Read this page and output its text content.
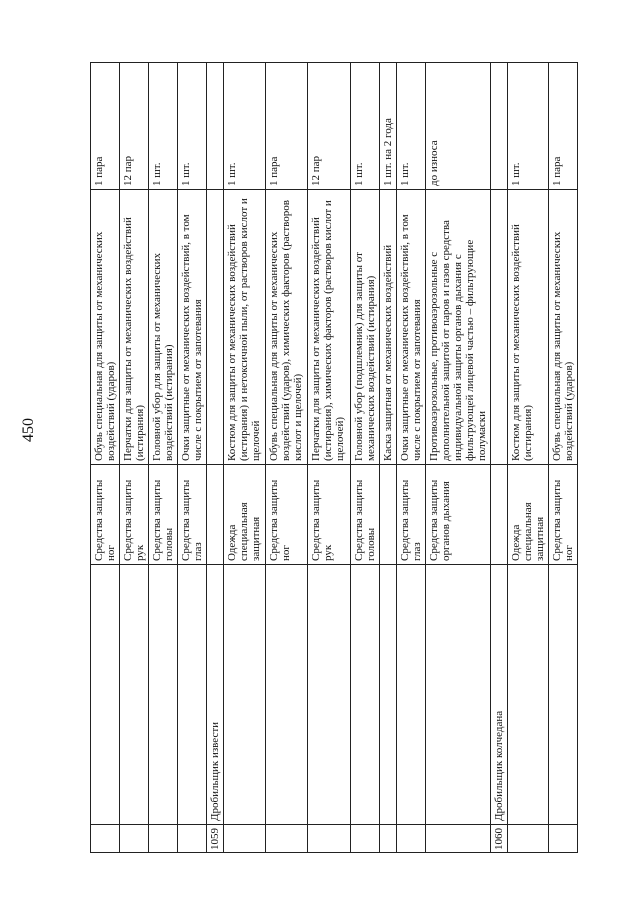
450
		Средства защиты ног	Обувь специальная для защиты от механических воздействий (ударов)	1 пара
		Средства защиты рук	Перчатки для защиты от механических воздействий (истирания)	12 пар
		Средства защиты головы	Головной убор для защиты от механических воздействий (истирания)	1 шт.
		Средства защиты глаз	Очки защитные от механических воздействий, в том числе с покрытием от запотевания	1 шт.
1059	Дробильщик извести			
		Одежда специальная защитная	Костюм для защиты от механических воздействий (истирания) и нетоксичной пыли, от растворов кислот и щелочей	1 шт.
		Средства защиты ног	Обувь специальная для защиты от механических воздействий (ударов), химических факторов (растворов кислот и щелочей)	1 пара
		Средства защиты рук	Перчатки для защиты от механических воздействий (истирания), химических факторов (растворов кислот и щелочей)	12 пар
		Средства защиты головы	Головной убор (подшлемник) для защиты от механических воздействий (истирания)	1 шт.
			Каска защитная от механических воздействий	1 шт. на 2 года
		Средства защиты глаз	Очки защитные от механических воздействий, в том числе с покрытием от запотевания	1 шт.
		Средства защиты органов дыхания	Противоаэрозольные, противоаэрозольные с дополнительной защитой от паров и газов средства индивидуальной защиты органов дыхания с фильтрующей лицевой частью – фильтрующие полумаски	до износа
1060	Дробильщик колчедана			
		Одежда специальная защитная	Костюм для защиты от механических воздействий (истирания)	1 шт.
		Средства защиты ног	Обувь специальная для защиты от механических воздействий (ударов)	1 пара
